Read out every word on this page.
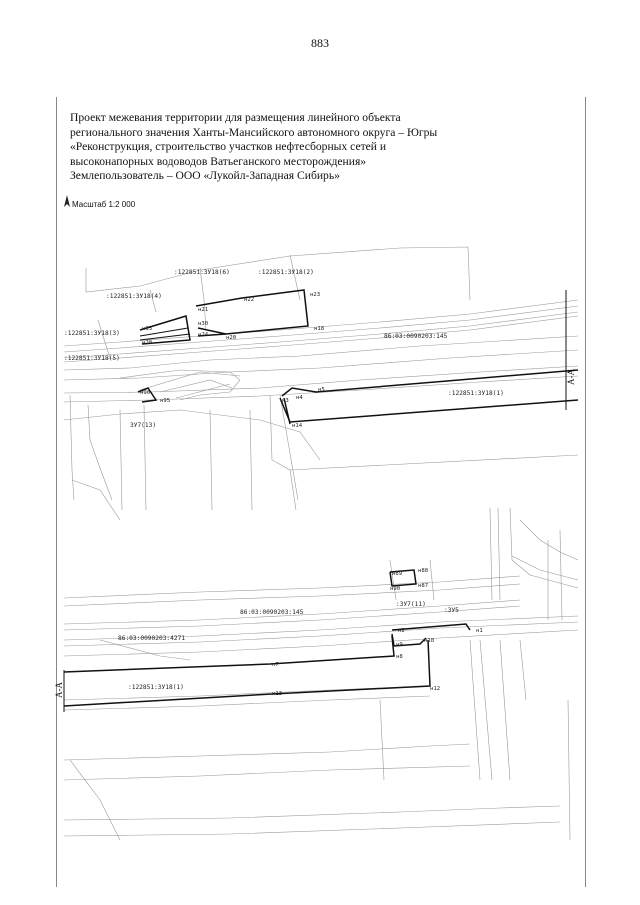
883
Проект межевания территории для размещения линейного объекта
регионального значения Ханты-Мансийского автономного округа – Югры
«Реконструкция, строительство участков нефтесборных сетей и
высоконапорных водоводов Ватьеганского месторождения»
Землепользователь – ООО «Лукойл-Западная Сибирь»
Масштаб 1:2 000
:122851:ЗУ18(6)	:122851:ЗУ18(2)
:122851:ЗУ18(4)
:122851:ЗУ18(3)
:122851:ЗУ18(5)
:122851:ЗУ18(1)
ЗУ7(13)
86:03:0090203:145
н21
н22
н23
н30
н33
н24	н20
н18
н28
н90
н95
н5
н4
н3
н14
А-А
н89	н88
н90	н87
:ЗУ7(11)
:ЗУ5
н2	н1
н9
н10
н8
н7
н13
н12
86:03:0090203:145
86:03:0090203:4271
:122851:ЗУ18(1)
А-А
